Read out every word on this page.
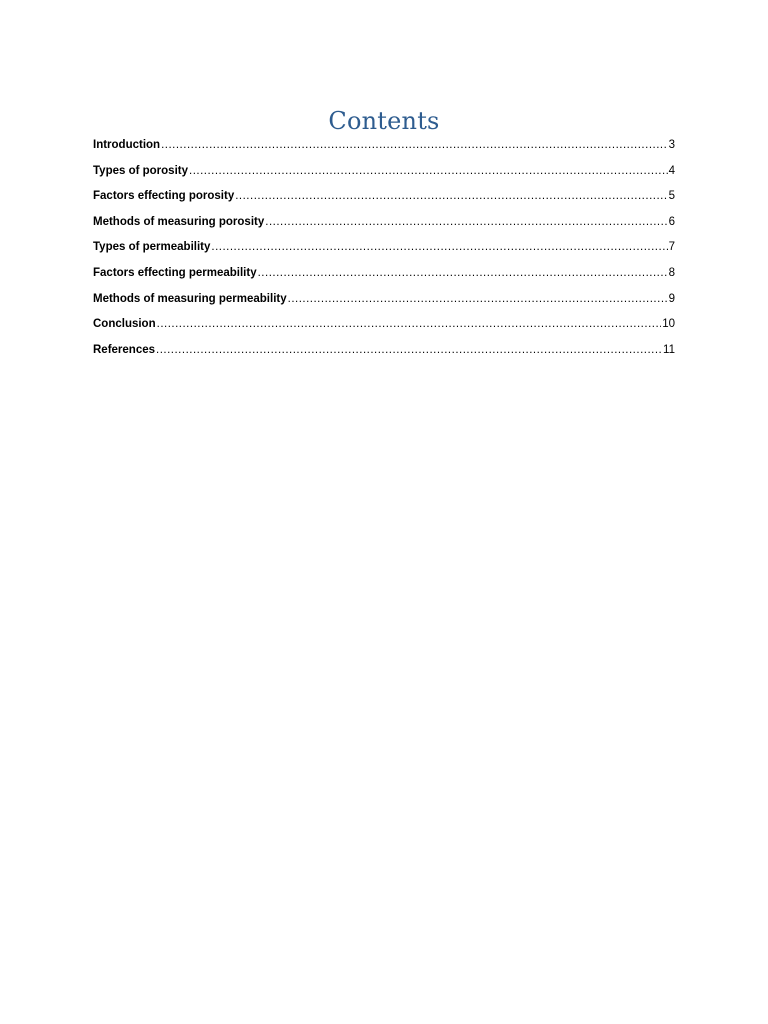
Contents
Introduction .....	3
Types of porosity .....	4
Factors effecting porosity .....	5
Methods of measuring porosity .....	6
Types of permeability .....	7
Factors effecting permeability .....	8
Methods of measuring permeability .....	9
Conclusion .....	10
References .....	11
